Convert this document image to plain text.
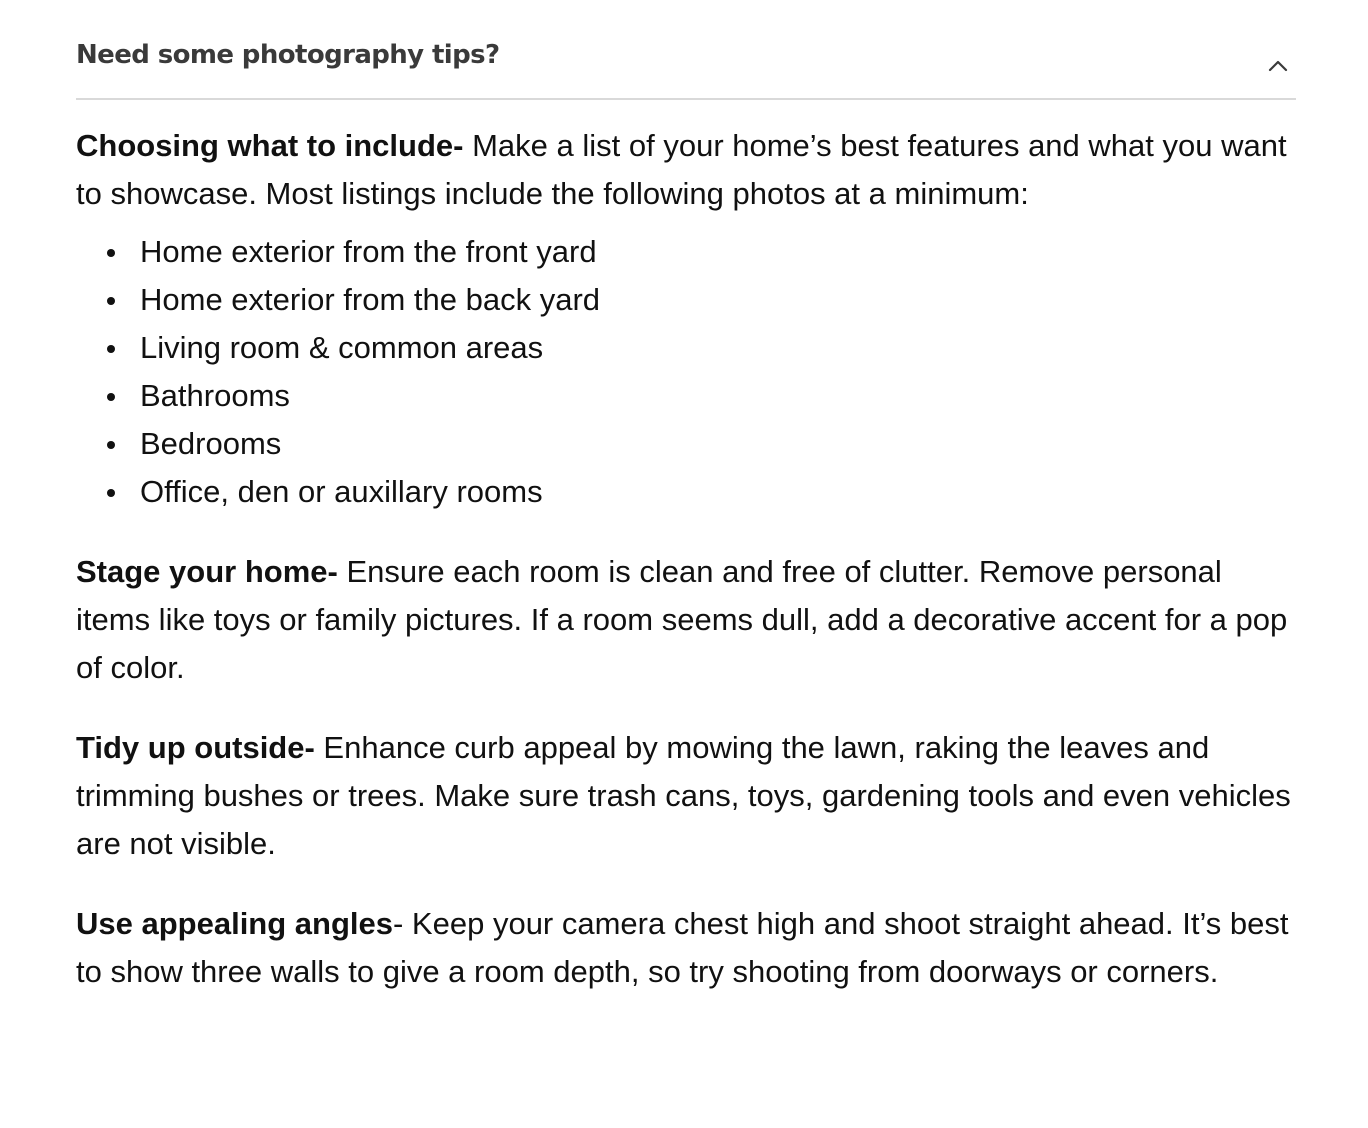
Need some photography tips?

Choosing what to include- Make a list of your home’s best features and what you want to showcase. Most listings include the following photos at a minimum:

Home exterior from the front yard
Home exterior from the back yard
Living room & common areas
Bathrooms
Bedrooms
Office, den or auxillary rooms

Stage your home- Ensure each room is clean and free of clutter. Remove personal items like toys or family pictures. If a room seems dull, add a decorative accent for a pop of color.

Tidy up outside- Enhance curb appeal by mowing the lawn, raking the leaves and trimming bushes or trees. Make sure trash cans, toys, gardening tools and even vehicles are not visible.

Use appealing angles- Keep your camera chest high and shoot straight ahead. It’s best to show three walls to give a room depth, so try shooting from doorways or corners.
